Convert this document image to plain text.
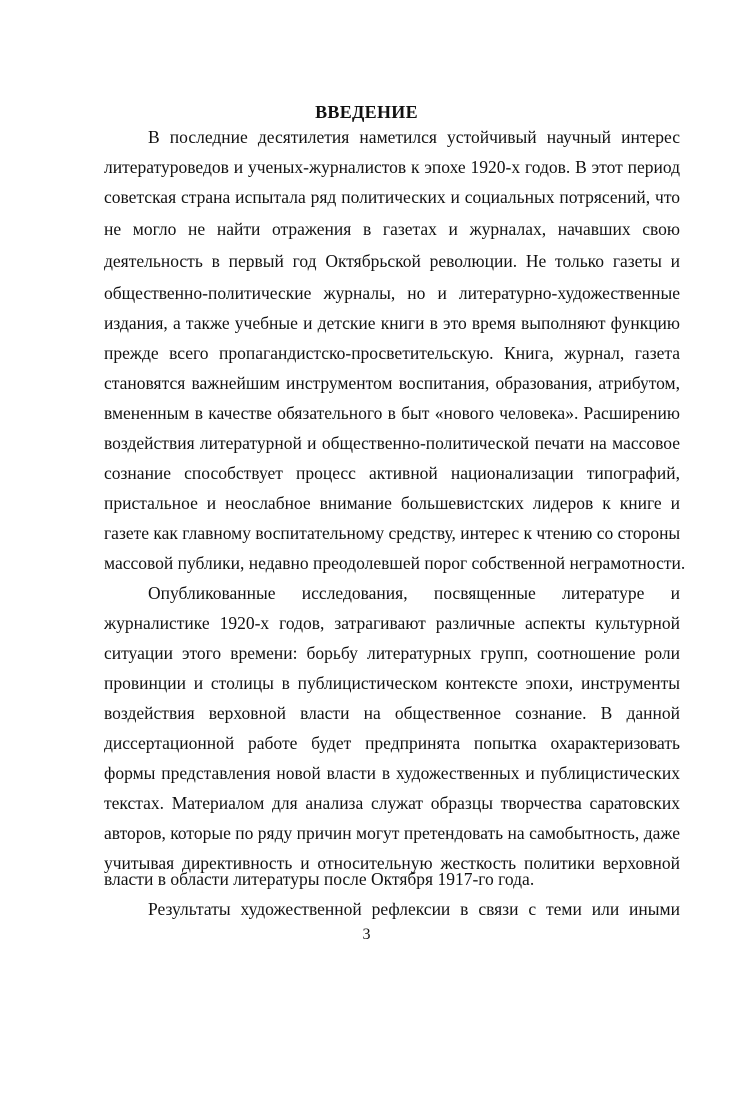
ВВЕДЕНИЕ

В последние десятилетия наметился устойчивый научный интерес

литературоведов и ученых-журналистов к эпохе 1920-х годов. В этот период

советская страна испытала ряд политических и социальных потрясений, что

не могло не найти отражения в газетах и журналах, начавших свою

деятельность в первый год Октябрьской революции. Не только газеты и

общественно-политические журналы, но и литературно-художественные

издания, а также учебные и детские книги в это время выполняют функцию

прежде всего пропагандистско-просветительскую. Книга, журнал, газета

становятся важнейшим инструментом воспитания, образования, атрибутом,

вмененным в качестве обязательного в быт «нового человека». Расширению

воздействия литературной и общественно-политической печати на массовое

сознание способствует процесс активной национализации типографий,

пристальное и неослабное внимание большевистских лидеров к книге и

газете как главному воспитательному средству, интерес к чтению со стороны

массовой публики, недавно преодолевшей порог собственной неграмотности.

Опубликованные исследования, посвященные литературе и

журналистике 1920-х годов, затрагивают различные аспекты культурной

ситуации этого времени: борьбу литературных групп, соотношение роли

провинции и столицы в публицистическом контексте эпохи, инструменты

воздействия верховной власти на общественное сознание. В данной

диссертационной работе будет предпринята попытка охарактеризовать

формы представления новой власти в художественных и публицистических

текстах. Материалом для анализа служат образцы творчества саратовских

авторов, которые по ряду причин могут претендовать на самобытность, даже

учитывая директивность и относительную жесткость политики верховной

власти в области литературы после Октября 1917-го года.

Результаты художественной рефлексии в связи с теми или иными

3
